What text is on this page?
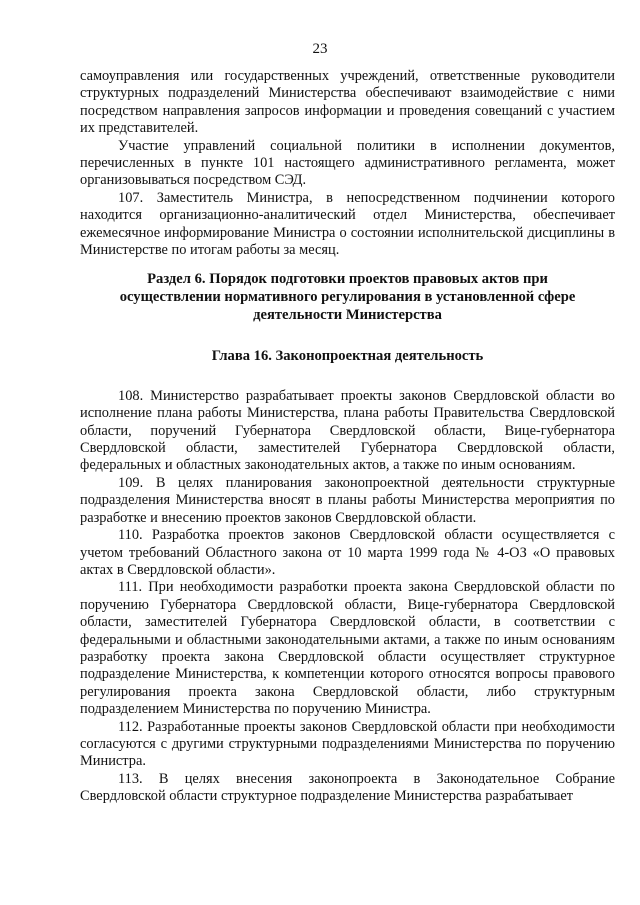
23

самоуправления или государственных учреждений, ответственные руководители структурных подразделений Министерства обеспечивают взаимодействие с ними посредством направления запросов информации и проведения совещаний с участием их представителей.

Участие управлений социальной политики в исполнении документов, перечисленных в пункте 101 настоящего административного регламента, может организовываться посредством СЭД.

107. Заместитель Министра, в непосредственном подчинении которого находится организационно-аналитический отдел Министерства, обеспечивает ежемесячное информирование Министра о состоянии исполнительской дисциплины в Министерстве по итогам работы за месяц.

Раздел 6. Порядок подготовки проектов правовых актов при осуществлении нормативного регулирования в установленной сфере деятельности Министерства
Глава 16. Законопроектная деятельность

108. Министерство разрабатывает проекты законов Свердловской области во исполнение плана работы Министерства, плана работы Правительства Свердловской области, поручений Губернатора Свердловской области, Вице-губернатора Свердловской области, заместителей Губернатора Свердловской области, федеральных и областных законодательных актов, а также по иным основаниям.

109. В целях планирования законопроектной деятельности структурные подразделения Министерства вносят в планы работы Министерства мероприятия по разработке и внесению проектов законов Свердловской области.

110. Разработка проектов законов Свердловской области осуществляется с учетом требований Областного закона от 10 марта 1999 года № 4-ОЗ «О правовых актах в Свердловской области».

111. При необходимости разработки проекта закона Свердловской области по поручению Губернатора Свердловской области, Вице-губернатора Свердловской области, заместителей Губернатора Свердловской области, в соответствии с федеральными и областными законодательными актами, а также по иным основаниям разработку проекта закона Свердловской области осуществляет структурное подразделение Министерства, к компетенции которого относятся вопросы правового регулирования проекта закона Свердловской области, либо структурным подразделением Министерства по поручению Министра.

112. Разработанные проекты законов Свердловской области при необходимости согласуются с другими структурными подразделениями Министерства по поручению Министра.

113. В целях внесения законопроекта в Законодательное Собрание Свердловской области структурное подразделение Министерства разрабатывает
